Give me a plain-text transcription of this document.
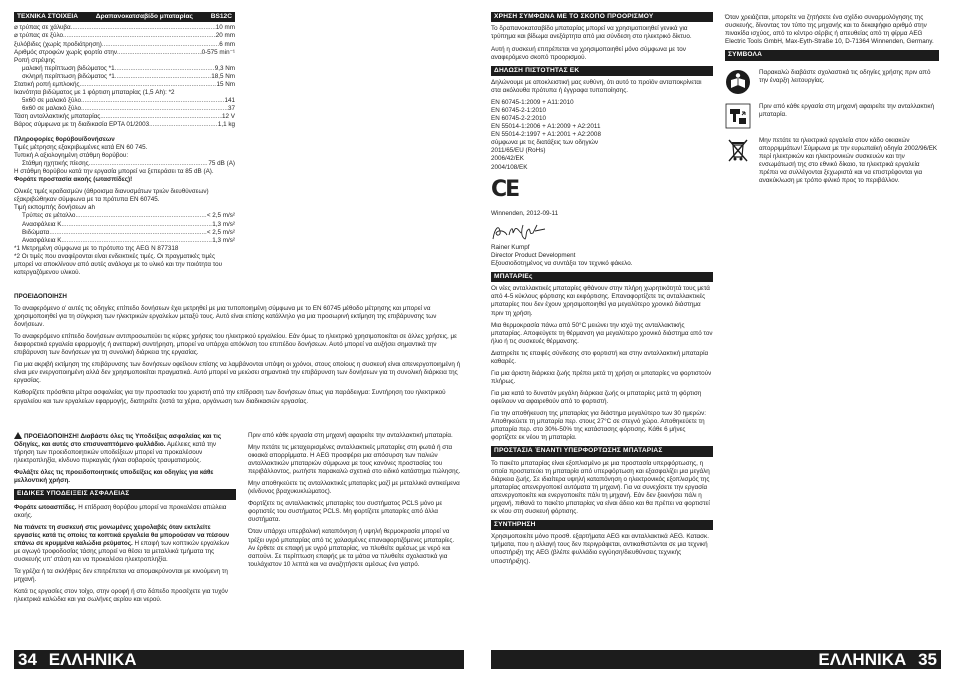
ΤΕΧΝΙΚΑ ΣΤΟΙΧΕΙΑ	Δραπανοκατσαβίδο μπαταρίας	BS12C
⌀ τρύπας σε χάλυβα .....	10 mm
⌀ τρύπας σε ξύλο .....	20 mm
ξυλόβιδες (χωρίς προδιάτρηση) .....	6 mm
Αριθμός στροφών χωρίς φορτίο στην .....	0-575 min⁻¹
Ροπή στρέψης
μαλακή περίπτωση βιδώματος *1 .....	9,3 Nm
σκληρή περίπτωση βιδώματος *1 .....	18,5 Nm
Στατική ροπή εμπλοκής .....	15 Nm
Ικανότητα βιδώματος με 1 φόρτιση μπαταρίας (1,5 Ah): *2
5x60 σε μαλακό ξύλο .....	141
6x60 σε μαλακό ξύλο .....	37
Τάση ανταλλακτικής μπαταρίας .....	12 V
Βάρος σύμφωνα με τη διαδικασία EPTA 01/2003 .....	1,1 kg
Πληροφορίες θορύβου/δονήσεων
Τιμές μέτρησης εξακριβωμένες κατά EN 60 745.
Τυπική Α αξιολογημένη στάθμη θορύβου:
Στάθμη ηχητικής πίεσης .....	75 dB (A)
Η στάθμη θορύβου κατά την εργασία μπορεί να ξεπεράσει τα 85 dB (A).
Φοράτε προστασία ακοής (ωτασπίδες)!
Ολικές τιμές κραδασμών (άθροισμα διανυσμάτων τριών διευθύνσεων) εξακριβώθηκαν σύμφωνα με τα πρότυπα EN 60745.
Τιμή εκπομπής δονήσεων ah
Τρύπες σε μέταλλο .....	< 2,5 m/s²
Ανασφάλεια K .....	1,3 m/s²
Βιδώματα .....	< 2,5 m/s²
Ανασφάλεια K .....	1,3 m/s²
*1 Μετρημένη σύμφωνα με το πρότυπο της AEG N 877318
*2 Οι τιμές που αναφέρονται είναι ενδεικτικές τιμές. Οι πραγματικές τιμές μπορεί να αποκλίνουν από αυτές ανάλογα με το υλικό και την ποιότητα του κατεργαζόμενου υλικού.
ΠΡΟΕΙΔΟΠΟΙΗΣΗ

Το αναφερόμενο ο' αυτές τις οδηγίες επίπεδο δονήσεων έχει μετρηθεί με μια τυποποιημένη σύμφωνα με το EN 60745 μέθοδο μέτρησης και μπορεί να χρησιμοποιηθεί για τη σύγκριση των ηλεκτρικών εργαλείων μεταξύ τους. Αυτό είναι επίσης κατάλληλο για μια προσωρινή εκτίμηση της επιβάρυνσης των δονήσεων.

Το αναφερόμενο επίπεδο δονήσεων αντιπροσωπεύει τις κύριες χρήσεις του ηλεκτρικού εργαλείου. Εάν όμως το ηλεκτρικό χρησιμοποιείται σε άλλες χρήσεις, με διαφορετικά εργαλεία εφαρμογής ή ανεπαρκή συντήρηση, μπορεί να υπάρχει απόκλιση του επιπέδου δονήσεων. Αυτό μπορεί να αυξήσει σημαντικά την επιβάρυνση των δονήσεων για τη συνολική διάρκεια της εργασίας.

Για μια ακριβή εκτίμηση της επιβάρυνσης των δονήσεων οφείλουν επίσης να λαμβάνονται υπόψη οι χρόνοι, στους οποίους η συσκευή είναι απενεργοποιημένη ή είναι μεν ενεργοποιημένη αλλά δεν χρησιμοποιείται πραγματικά. Αυτό μπορεί να μειώσει σημαντικά την επιβάρυνση των δονήσεων για τη συνολική διάρκεια της εργασίας.

Καθορίζετε πρόσθετα μέτρα ασφαλείας για την προστασία του χειριστή από την επίδραση των δονήσεων όπως για παράδειγμα: Συντήρηση του ηλεκτρικού εργαλείου και των εργαλείων εφαρμογής, διατηρείτε ζεστά τα χέρια, οργάνωση των διαδικασιών εργασίας.

ΠΡΟΕΙΔΟΠΟΙΗΣΗ! Διαβάστε όλες τις Υποδείξεις ασφαλείας και τις Οδηγίες, και αυτές στο επισυναπτόμενο φυλλάδιο. Αμέλειες κατά την τήρηση των προειδοποιητικών υποδείξεων μπορεί να προκαλέσουν ηλεκτροπληξία, κίνδυνο πυρκαγιάς ή/και σοβαρούς τραυματισμούς.

Φυλάξτε όλες τις προειδοποιητικές υποδείξεις και οδηγίες για κάθε μελλοντική χρήση.

ΕΙΔΙΚΕΣ ΥΠΟΔΕΙΞΕΙΣ ΑΣΦΑΛΕΙΑΣ

Φοράτε ωτοασπίδες. Η επίδραση θορύβου μπορεί να προκαλέσει απώλεια ακοής.

Να πιάνετε τη συσκευή στις μονωμένες χειρολαβές όταν εκτελείτε εργασίες κατά τις οποίες τα κοπτικά εργαλεία θα μπορούσαν να πέσουν επάνω σε κρυμμένα καλώδια ρεύματος. Η επαφή των κοπτικών εργαλείων με αγωγό τροφοδοσίας τάσης μπορεί να θέσει τα μεταλλικά τμήματα της συσκευής υπ' στάση και να προκαλέσει ηλεκτροπληξία.

Τα γρέζια ή τα σκλήθρες δεν επιτρέπεται να απομακρύνονται με κινούμενη τη μηχανή.

Κατά τις εργασίες στον τοίχο, στην οροφή ή στο δάπεδο προσέχετε για τυχόν ηλεκτρικά καλώδια και για σωλήνες αερίου και νερού.

Πριν από κάθε εργασία στη μηχανή αφαιρείτε την ανταλλακτική μπαταρία.

Μην πετάτε τις μεταχειρισμένες ανταλλακτικές μπαταρίες στη φωτιά ή στα οικιακά απορρίμματα. Η AEG προσφέρει μια απόσυρση των παλιών ανταλλακτικών μπαταριών σύμφωνα με τους κανόνες προστασίας του περιβάλλοντος, ρωτήστε παρακαλώ σχετικά στο ειδικό κατάστημα πώλησης.

Μην αποθηκεύετε τις ανταλλακτικές μπαταρίες μαζί με μεταλλικά αντικείμενα (κίνδυνος βραχυκυκλώματος).

Φορτίζετε τις ανταλλακτικές μπαταρίες του συστήματος PCLS μόνο με φορτιστές του συστήματος PCLS. Μη φορτίζετε μπαταρίες από άλλα συστήματα.

Όταν υπάρχει υπερβολική καταπόνηση ή υψηλή θερμοκρασία μπορεί να τρέξει υγρό μπαταρίας από τις χαλασμένες επαναφορτιζόμενες μπαταρίες. Αν έρθετε σε επαφή με υγρό μπαταρίας, να πλυθείτε αμέσως με νερό και σαπούνι. Σε περίπτωση επαφής με τα μάτια να πλυθείτε σχολαστικά για τουλάχιστον 10 λεπτά και να αναζητήσετε αμέσως ένα γιατρό.

34 ΕΛΛΗΝΙΚΑ
ΧΡΗΣΗ ΣΥΜΦΩΝΑ ΜΕ ΤΟ ΣΚΟΠΟ ΠΡΟΟΡΙΣΜΟΥ

Το δραπανοκατσαβίδο μπαταρίας μπορεί να χρησιμοποιηθεί γενικά για τρύπημα και βίδωμα ανεξάρτητα από μια σύνδεση στο ηλεκτρικό δίκτυο.

Αυτή η συσκευή επιτρέπεται να χρησιμοποιηθεί μόνο σύμφωνα με τον αναφερόμενο σκοπό προορισμού.

ΔΗΛΩΣΗ ΠΙΣΤΟΤΗΤΑΣ ΕΚ

Δηλώνουμε με αποκλειστική μας ευθύνη, ότι αυτό το προϊόν ανταποκρίνεται στα ακόλουθα πρότυπα ή έγγραφα τυποποίησης.

EN 60745-1:2009 + A11:2010
EN 60745-2-1:2010
EN 60745-2-2:2010
EN 55014-1:2006 + A1:2009 + A2:2011
EN 55014-2:1997 + A1:2001 + A2:2008
σύμφωνα με τις διατάξεις των οδηγιών
2011/65/EU (RoHs)
2006/42/EK
2004/108/EK
CE
Winnenden, 2012-09-11
Rainer Kumpf
Director Product Development

Εξουσιοδοτημένος να συντάξει τον τεχνικό φάκελο.

ΜΠΑΤΑΡΙΕς

Οι νέες ανταλλακτικές μπαταρίες φθάνουν στην πλήρη χωρητικότητά τους μετά από 4-5 κύκλους φόρτισης και εκφόρτισης. Επαναφορτίζετε τις ανταλλακτικές μπαταρίες που δεν έχουν χρησιμοποιηθεί για μεγαλύτερο χρονικό διάστημα πριν τη χρήση.

Μια θερμοκρασία πάνω από 50°C μειώνει την ισχύ της ανταλλακτικής μπαταρίας. Αποφεύγετε τη θέρμανση για μεγαλύτερο χρονικό διάστημα από τον ήλιο ή τις συσκευές θέρμανσης.

Διατηρείτε τις επαφές σύνδεσης στο φορτιστή και στην ανταλλακτική μπαταρία καθαρές.

Για μια άριστη διάρκεια ζωής πρέπει μετά τη χρήση οι μπαταρίες να φορτιστούν πλήρως.

Για μια κατά το δυνατόν μεγάλη διάρκεια ζωής οι μπαταρίες μετά τη φόρτιση οφείλουν να αφαιρεθούν από το φορτιστή.

Για την αποθήκευση της μπαταρίας για διάστημα μεγαλύτερο των 30 ημερών: Αποθηκεύετε τη μπαταρία περ. στους 27°C σε στεγνό χώρο. Αποθηκεύετε τη μπαταρία περ. στο 30%-50% της κατάστασης φόρτισης. Κάθε 6 μήνες φορτίζετε εκ νέου τη μπαταρία.

ΠΡΟΣΤΑΣΙΑ ΈΝΑΝΤΙ ΥΠΕΡΦΟΡΤΩΣΗΣ ΜΠΑΤΑΡΙΑΣ

Το πακέτο μπαταρίας είναι εξοπλισμένο με μια προστασία υπερφόρτωσης, η οποία προστατεύει τη μπαταρία από υπερφόρτωση και εξασφαλίζει μια μεγάλη διάρκεια ζωής. Σε ιδιαίτερα υψηλή καταπόνηση ο ηλεκτρονικός εξοπλισμός της μπαταρίας απενεργοποιεί αυτόματα τη μηχανή. Για να συνεχίσετε την εργασία απενεργοποιείτε και ενεργοποιείτε πάλι τη μηχανή. Εάν δεν ξεκινήσει πάλι η μηχανή, πιθανά το πακέτο μπαταρίας να είναι άδειο και θα πρέπει να φορτιστεί εκ νέου στη συσκευή φόρτισης.

ΣΥΝΤΗΡΗΣΗ

Χρησιμοποιείτε μόνο προσθ. εξαρτήματα AEG και ανταλλακτικά AEG. Κατασκ. τμήματα, που η αλλαγή τους δεν περιγράφεται, αντικαθιστώνται σε μια τεχνική υποστήριξη της AEG (βλέπε φυλλάδιο εγγύηση/διευθύνσεις τεχνικής υποστήριξης).

Όταν χρειάζεται, μπορείτε να ζητήσετε ένα σχέδιο συναρμολόγησης της συσκευής, δίνοντας τον τύπο της μηχανής και το δεκαψήφιο αριθμό στην πινακίδα ισχύος, από το κέντρο σέρβις ή απευθείας από τη φίρμα AEG Electric Tools GmbH, Max-Eyth-Straße 10, D-71364 Winnenden, Germany.

ΣΥΜΒΟΛΑ
Παρακαλώ διαβάστε σχολαστικά τις οδηγίες χρήσης πριν από την έναρξη λειτουργίας.
Πριν από κάθε εργασία στη μηχανή αφαιρείτε την ανταλλακτική μπαταρία.
Μην πετάτε τα ηλεκτρικά εργαλεία στον κάδο οικιακών απορριμμάτων! Σύμφωνα με την ευρωπαϊκή οδηγία 2002/96/ΕΚ περί ηλεκτρικών και ηλεκτρονικών συσκευών και την ενσωμάτωσή της στο εθνικό δίκαιο, τα ηλεκτρικά εργαλεία πρέπει να συλλέγονται ξεχωριστά και να επιστρέφονται για ανακύκλωση με τρόπο φιλικό προς το περιβάλλον.
ΕΛΛΗΝΙΚΑ 35
